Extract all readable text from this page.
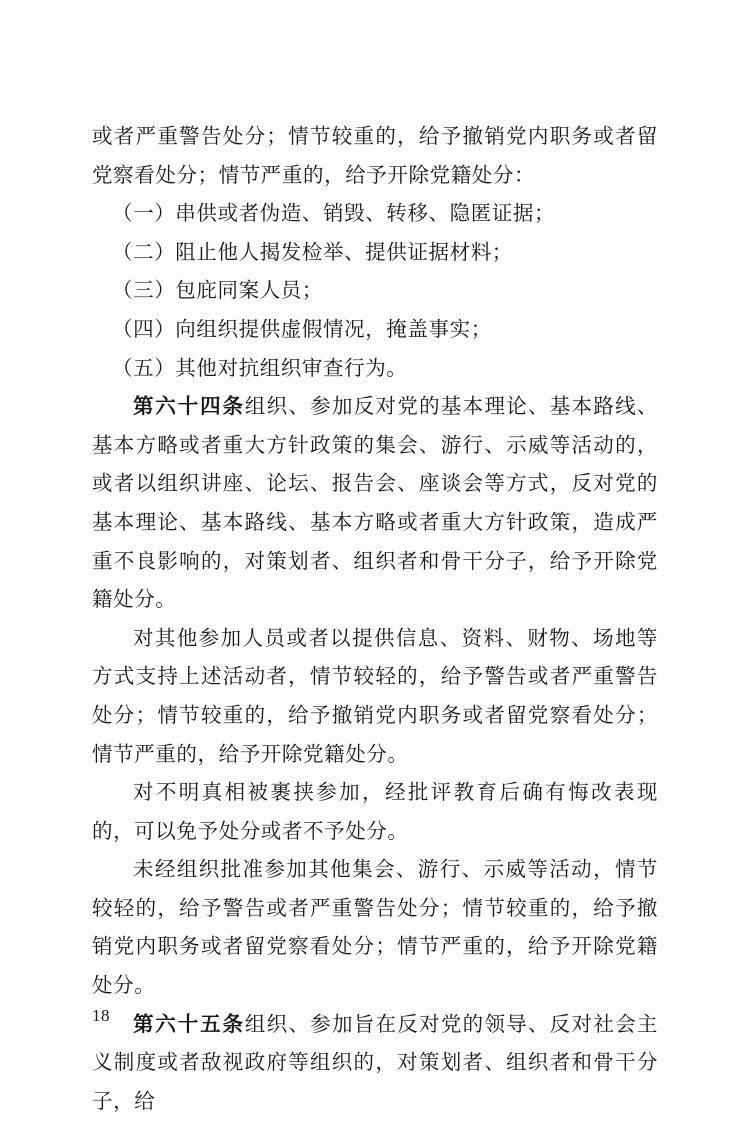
或者严重警告处分；情节较重的，给予撤销党内职务或者留党察看处分；情节严重的，给予开除党籍处分：

（一）串供或者伪造、销毁、转移、隐匿证据；

（二）阻止他人揭发检举、提供证据材料；

（三）包庇同案人员；

（四）向组织提供虚假情况，掩盖事实；

（五）其他对抗组织审查行为。

第六十四条组织、参加反对党的基本理论、基本路线、基本方略或者重大方针政策的集会、游行、示威等活动的，或者以组织讲座、论坛、报告会、座谈会等方式，反对党的基本理论、基本路线、基本方略或者重大方针政策，造成严重不良影响的，对策划者、组织者和骨干分子，给予开除党籍处分。

对其他参加人员或者以提供信息、资料、财物、场地等方式支持上述活动者，情节较轻的，给予警告或者严重警告处分；情节较重的，给予撤销党内职务或者留党察看处分；情节严重的，给予开除党籍处分。

对不明真相被裹挟参加，经批评教育后确有悔改表现的，可以免予处分或者不予处分。

未经组织批准参加其他集会、游行、示威等活动，情节较轻的，给予警告或者严重警告处分；情节较重的，给予撤销党内职务或者留党察看处分；情节严重的，给予开除党籍处分。

第六十五条组织、参加旨在反对党的领导、反对社会主义制度或者敌视政府等组织的，对策划者、组织者和骨干分子，给

18
